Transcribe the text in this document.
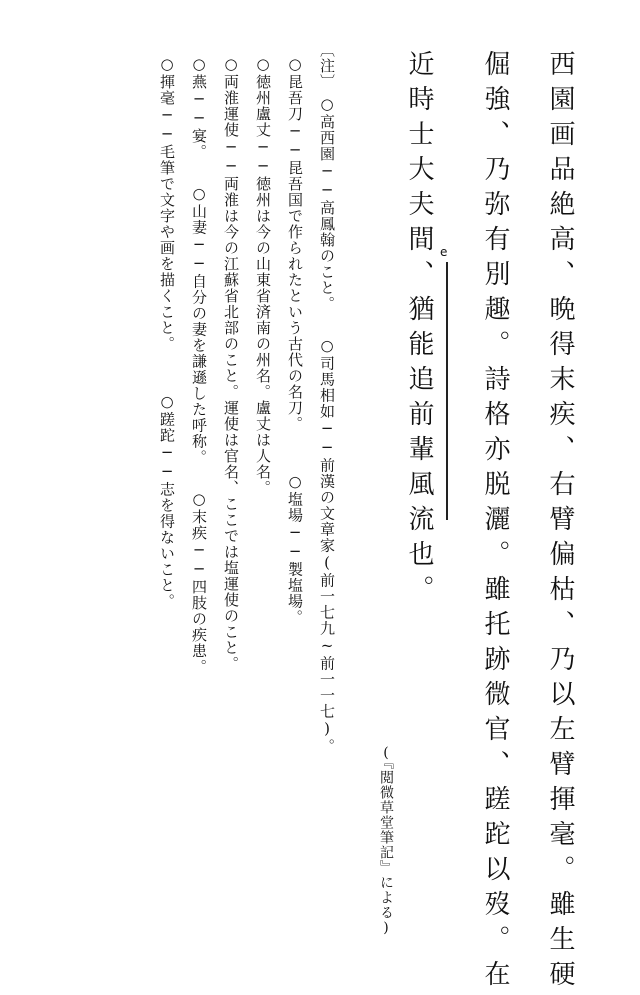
西園画品絶高、晩得末疾、右臂偏枯、乃以左臂揮毫。雖生硬
倔強、乃弥有別趣。詩格亦脱灑。雖托跡微官、蹉跎以歿。在
近時士大夫間、猶能追前輩風流也。 e
(『閲微草堂筆記』による)
〔注〕
○高西園──高鳳翰のこと。　　○司馬相如──前漢の文章家(前一七九~前一一七)。
○昆吾刀──昆吾国で作られたという古代の名刀。　　　○塩場──製塩場。
○徳州盧丈──徳州は今の山東省済南の州名。盧丈は人名。
○両淮運使──両淮は今の江蘇省北部のこと。運使は官名、ここでは塩運使のこと。
○燕──宴。　　○山妻──自分の妻を謙遜した呼称。　　○末疾──四肢の疾患。
○揮毫──毛筆で文字や画を描くこと。　　　○蹉跎──志を得ないこと。
